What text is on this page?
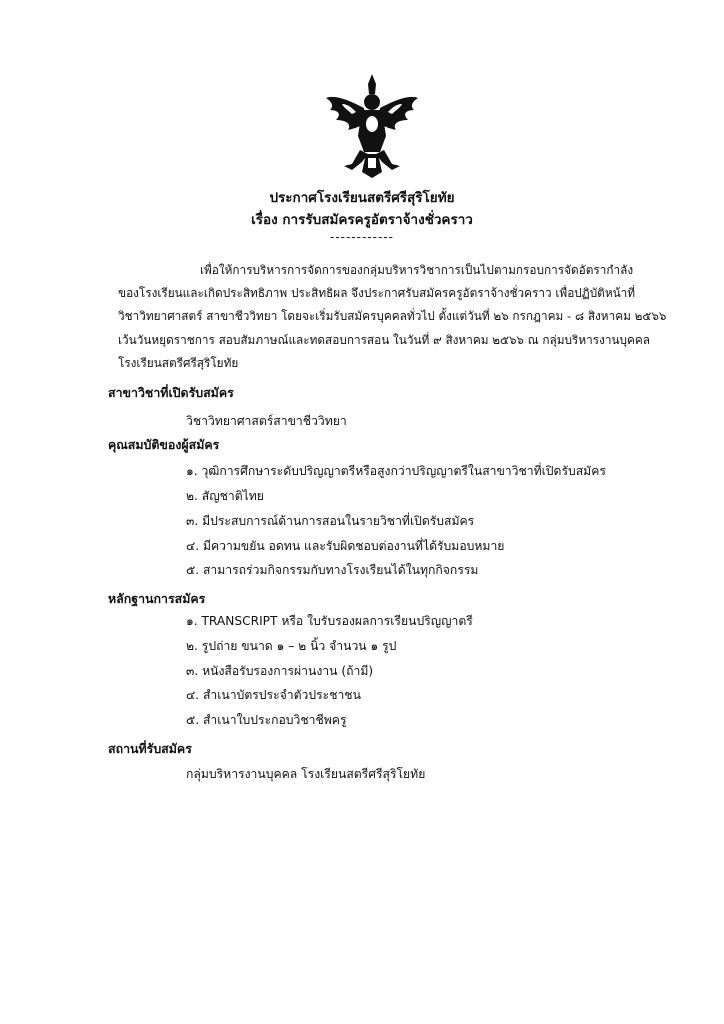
ประกาศโรงเรียนสตรีศรีสุริโยทัย
เรื่อง การรับสมัครครูอัตราจ้างชั่วคราว
------------
เพื่อให้การบริหารการจัดการของกลุ่มบริหารวิชาการเป็นไปตามกรอบการจัดอัตรากำลัง
ของโรงเรียนและเกิดประสิทธิภาพ ประสิทธิผล จึงประกาศรับสมัครครูอัตราจ้างชั่วคราว เพื่อปฏิบัติหน้าที่
วิชาวิทยาศาสตร์ สาขาชีววิทยา โดยจะเริ่มรับสมัครบุคคลทั่วไป ตั้งแต่วันที่ ๒๖ กรกฎาคม - ๘ สิงหาคม ๒๕๖๖
เว้นวันหยุดราชการ สอบสัมภาษณ์และทดสอบการสอน ในวันที่ ๙ สิงหาคม ๒๕๖๖ ณ กลุ่มบริหารงานบุคคล
โรงเรียนสตรีศรีสุริโยทัย
สาขาวิชาที่เปิดรับสมัคร
วิชาวิทยาศาสตร์สาขาชีววิทยา
คุณสมบัติของผู้สมัคร
๑. วุฒิการศึกษาระดับปริญญาตรีหรือสูงกว่าปริญญาตรีในสาขาวิชาที่เปิดรับสมัคร
๒. สัญชาติไทย
๓. มีประสบการณ์ด้านการสอนในรายวิชาที่เปิดรับสมัคร
๔. มีความขยัน อดทน และรับผิดชอบต่องานที่ได้รับมอบหมาย
๕. สามารถร่วมกิจกรรมกับทางโรงเรียนได้ในทุกกิจกรรม
หลักฐานการสมัคร
๑. TRANSCRIPT หรือ ใบรับรองผลการเรียนปริญญาตรี
๒. รูปถ่าย ขนาด ๑ – ๒ นิ้ว จำนวน ๑ รูป
๓. หนังสือรับรองการผ่านงาน (ถ้ามี)
๔. สำเนาบัตรประจำตัวประชาชน
๕. สำเนาใบประกอบวิชาชีพครู
สถานที่รับสมัคร
กลุ่มบริหารงานบุคคล โรงเรียนสตรีศรีสุริโยทัย
